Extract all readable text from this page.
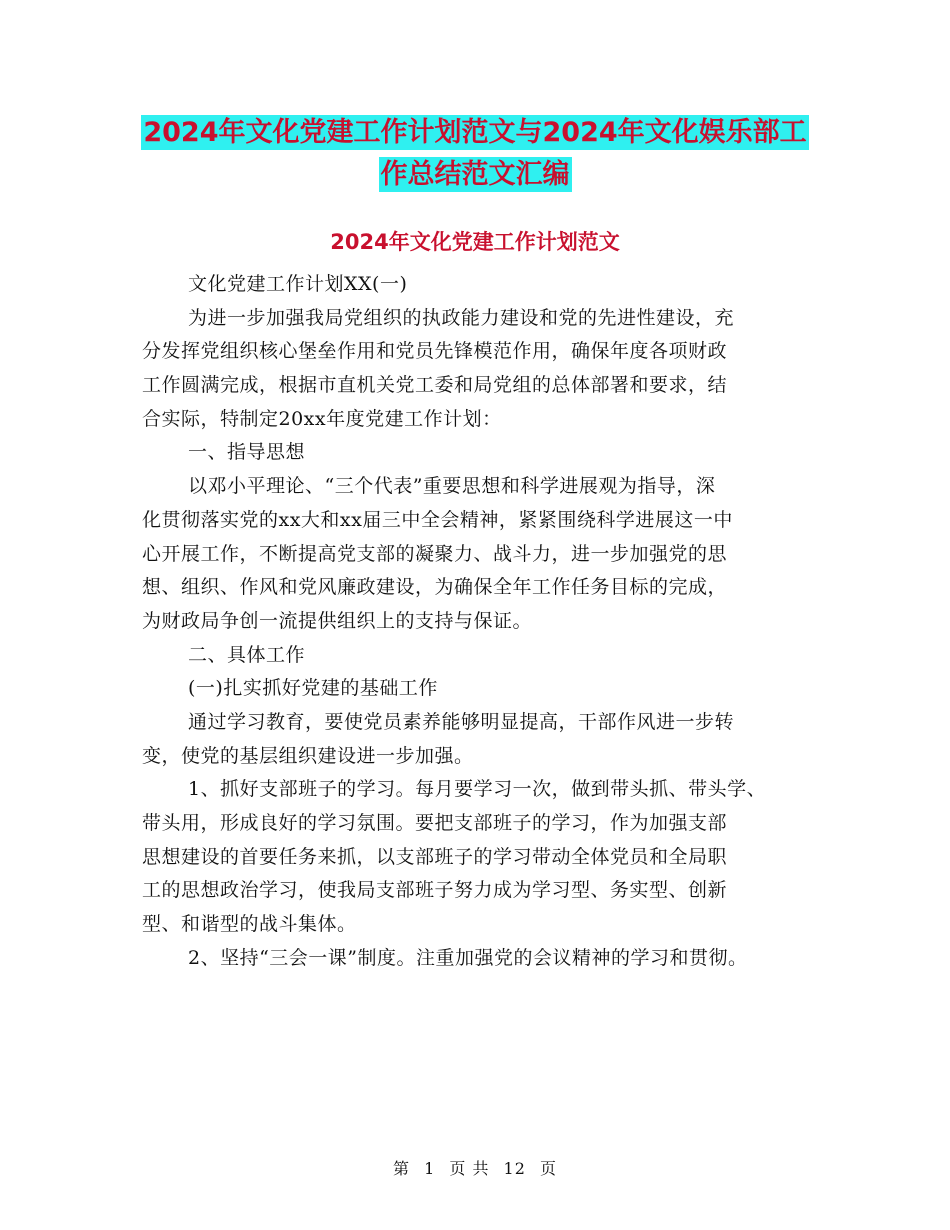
2024年文化党建工作计划范文与2024年文化娱乐部工
作总结范文汇编
2024年文化党建工作计划范文
文化党建工作计划XX(一)
为进一步加强我局党组织的执政能力建设和党的先进性建设，充
分发挥党组织核心堡垒作用和党员先锋模范作用，确保年度各项财政
工作圆满完成，根据市直机关党工委和局党组的总体部署和要求，结
合实际，特制定20xx年度党建工作计划：
一、指导思想
以邓小平理论、“三个代表”重要思想和科学进展观为指导，深
化贯彻落实党的xx大和xx届三中全会精神，紧紧围绕科学进展这一中
心开展工作，不断提高党支部的凝聚力、战斗力，进一步加强党的思
想、组织、作风和党风廉政建设，为确保全年工作任务目标的完成，
为财政局争创一流提供组织上的支持与保证。
二、具体工作
(一)扎实抓好党建的基础工作
通过学习教育，要使党员素养能够明显提高，干部作风进一步转
变，使党的基层组织建设进一步加强。
1、抓好支部班子的学习。每月要学习一次，做到带头抓、带头学、
带头用，形成良好的学习氛围。要把支部班子的学习，作为加强支部
思想建设的首要任务来抓，以支部班子的学习带动全体党员和全局职
工的思想政治学习，使我局支部班子努力成为学习型、务实型、创新
型、和谐型的战斗集体。
2、坚持“三会一课”制度。注重加强党的会议精神的学习和贯彻。
第 1 页 共 12 页
